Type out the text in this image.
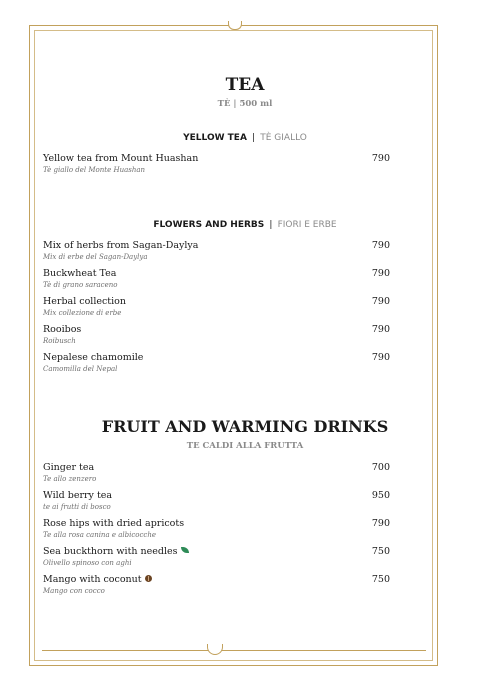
TEA
TÈ | 500 ml
YELLOW TEA | TÈ GIALLO
Yellow tea from Mount Huashan
Tè giallo del Monte Huashan
790
FLOWERS AND HERBS | FIORI E ERBE
Mix of herbs from Sagan-Daylya
Mix di erbe del Sagan-Daylya
790
Buckwheat Tea
Tè di grano saraceno
790
Herbal collection
Mix collezione di erbe
790
Rooibos
Roibusch
790
Nepalese chamomile
Camomilla del Nepal
790
FRUIT AND WARMING DRINKS
TE CALDI ALLA FRUTTA
Ginger tea
Te allo zenzero
700
Wild berry tea
te ai frutti di bosco
950
Rose hips with dried apricots
Te alla rosa canina e albicocche
790
Sea buckthorn with needles
Olivello spinoso con aghi
750
Mango with coconut
Mango con cocco
750
